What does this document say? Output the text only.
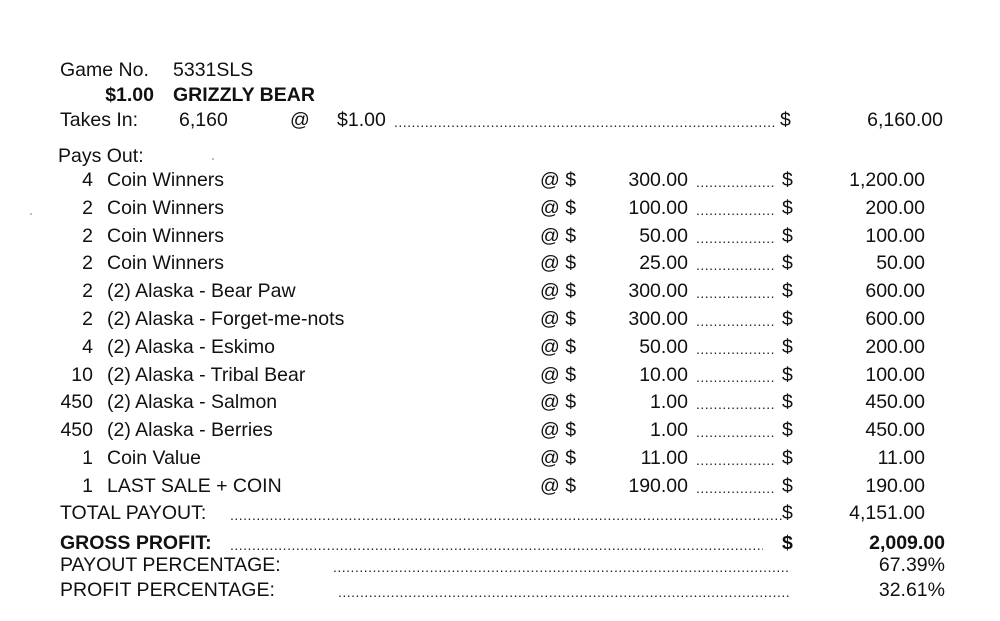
Game No. 5331SLS
$1.00 GRIZZLY BEAR
Takes In: 6,160	@ $1.00 .....	$	6,160.00
Pays Out:
4 Coin Winners	@ $	300.00 .....	$	1,200.00
2 Coin Winners	@ $	100.00 .....	$	200.00
2 Coin Winners	@ $	50.00 .....	$	100.00
2 Coin Winners	@ $	25.00 .....	$	50.00
2 (2) Alaska - Bear Paw	@ $	300.00 .....	$	600.00
2 (2) Alaska - Forget-me-nots	@ $	300.00 .....	$	600.00
4 (2) Alaska - Eskimo	@ $	50.00 .....	$	200.00
10 (2) Alaska - Tribal Bear	@ $	10.00 .....	$	100.00
450 (2) Alaska - Salmon	@ $	1.00 .....	$	450.00
450 (2) Alaska - Berries	@ $	1.00 .....	$	450.00
1 Coin Value	@ $	11.00 .....	$	11.00
1 LAST SALE + COIN	@ $	190.00 .....	$	190.00
TOTAL PAYOUT: .....	$	4,151.00
GROSS PROFIT: .....	$	2,009.00
PAYOUT PERCENTAGE: .....	67.39%
PROFIT PERCENTAGE: .....	32.61%
